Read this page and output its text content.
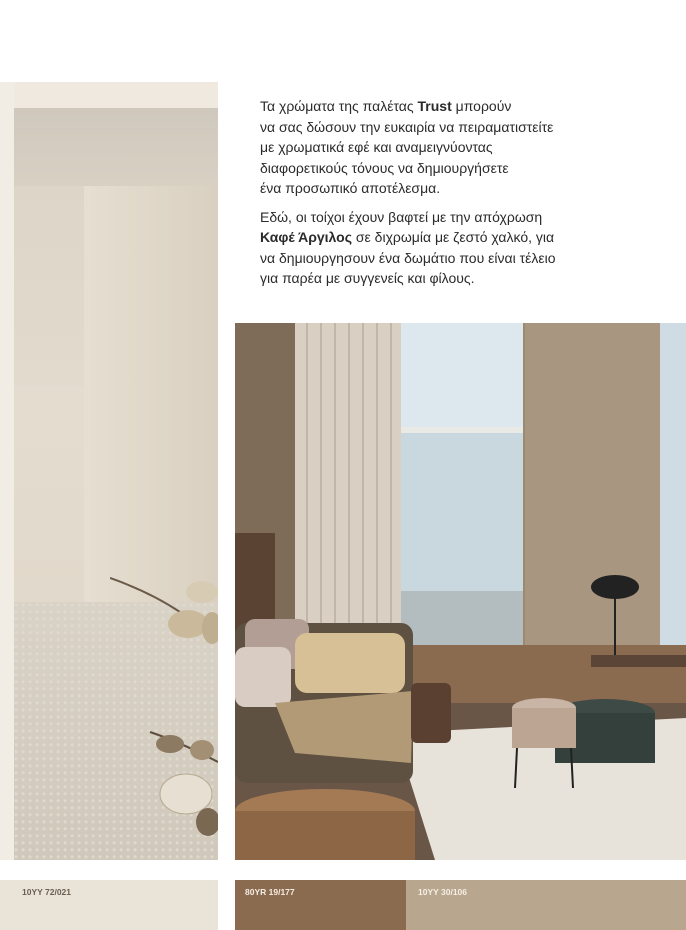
Τα χρώματα της παλέτας Trust μπορούν
να σας δώσουν την ευκαιρία να πειραματιστείτε
με χρωματικά εφέ και αναμειγνύοντας
διαφορετικούς τόνους να δημιουργήσετε
ένα προσωπικό αποτέλεσμα.

Εδώ, οι τοίχοι έχουν βαφτεί με την απόχρωση
Καφέ Άργιλος σε διχρωμία με ζεστό χαλκό, για
να δημιουργησουν ένα δωμάτιο που είναι τέλειο
για παρέα με συγγενείς και φίλους.

10YY 72/021	80YR 19/177	10YY 30/106
